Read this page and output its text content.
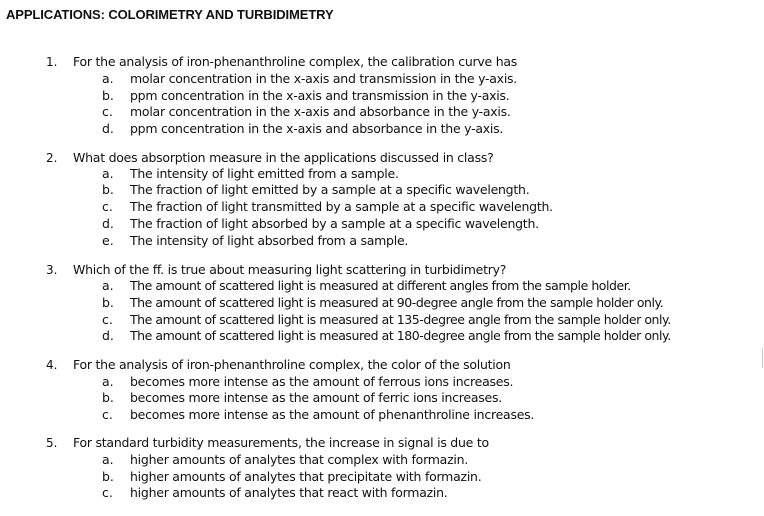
APPLICATIONS: COLORIMETRY AND TURBIDIMETRY
1. For the analysis of iron-phenanthroline complex, the calibration curve has
a. molar concentration in the x-axis and transmission in the y-axis.
b. ppm concentration in the x-axis and transmission in the y-axis.
c. molar concentration in the x-axis and absorbance in the y-axis.
d. ppm concentration in the x-axis and absorbance in the y-axis.
2. What does absorption measure in the applications discussed in class?
a. The intensity of light emitted from a sample.
b. The fraction of light emitted by a sample at a specific wavelength.
c. The fraction of light transmitted by a sample at a specific wavelength.
d. The fraction of light absorbed by a sample at a specific wavelength.
e. The intensity of light absorbed from a sample.
3. Which of the ff. is true about measuring light scattering in turbidimetry?
a. The amount of scattered light is measured at different angles from the sample holder.
b. The amount of scattered light is measured at 90-degree angle from the sample holder only.
c. The amount of scattered light is measured at 135-degree angle from the sample holder only.
d. The amount of scattered light is measured at 180-degree angle from the sample holder only.
4. For the analysis of iron-phenanthroline complex, the color of the solution
a. becomes more intense as the amount of ferrous ions increases.
b. becomes more intense as the amount of ferric ions increases.
c. becomes more intense as the amount of phenanthroline increases.
5. For standard turbidity measurements, the increase in signal is due to
a. higher amounts of analytes that complex with formazin.
b. higher amounts of analytes that precipitate with formazin.
c. higher amounts of analytes that react with formazin.
